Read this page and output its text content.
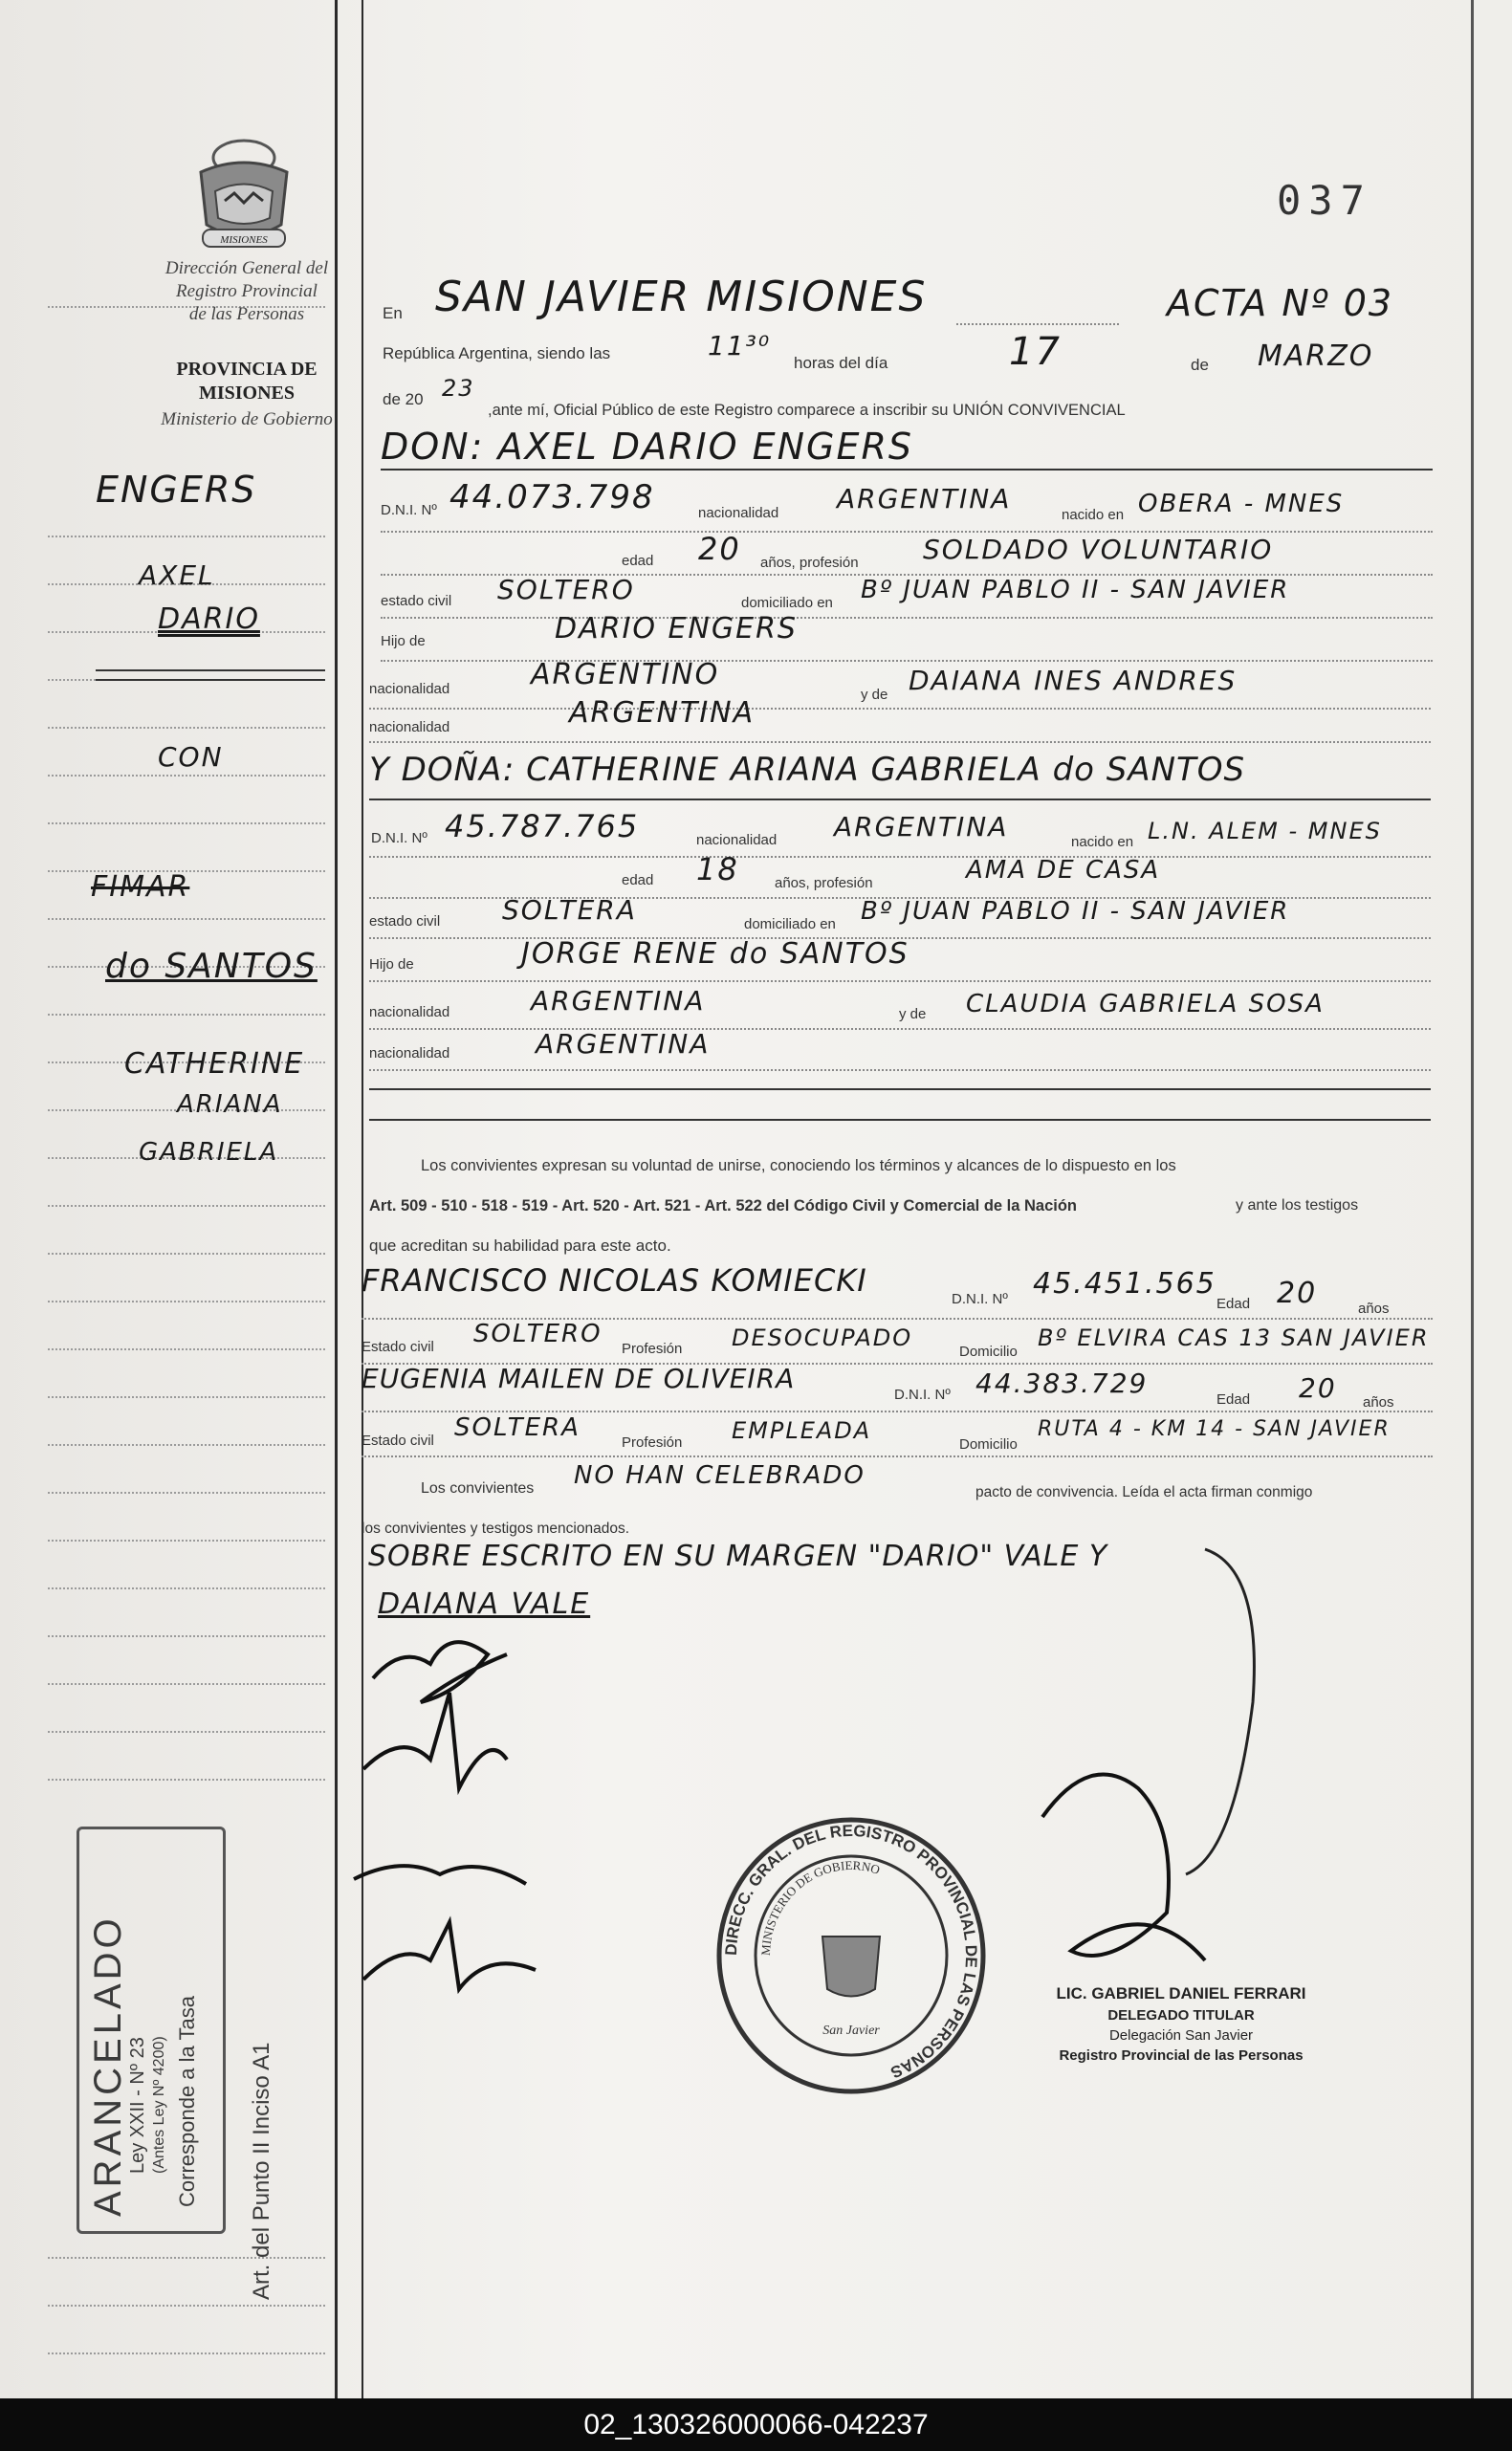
037
MISIONES
Dirección General del
Registro Provincial
de las Personas
PROVINCIA DE
MISIONES
Ministerio de Gobierno
ENGERS
AXEL
DARIO
CON
FIMAR
do SANTOS
CATHERINE
ARIANA
GABRIELA
En SAN JAVIER MISIONES	ACTA Nº 03
República Argentina, siendo las	11³⁰
horas del día	17	de MARZO
de 20 23
,ante mí, Oficial Público de este Registro comparece a inscribir su UNIÓN CONVIVENCIAL
DON: AXEL DARIO ENGERS
D.N.I. Nº 44.073.798	nacionalidad ARGENTINA
nacido en OBERA - MNES
edad 20 años, profesión SOLDADO VOLUNTARIO
estado civil SOLTERO	domiciliado en Bº JUAN PABLO II - SAN JAVIER
Hijo de	DARIO ENGERS
nacionalidad	ARGENTINO
y de DAIANA INES ANDRES
nacionalidad	ARGENTINA
Y DOÑA: CATHERINE ARIANA GABRIELA do SANTOS
D.N.I. Nº 45.787.765	nacionalidad ARGENTINA	nacido en L.N. ALEM - MNES
edad 18 años, profesión	AMA DE CASA
estado civil SOLTERA	domiciliado en Bº JUAN PABLO II - SAN JAVIER
Hijo de	JORGE RENE do SANTOS
nacionalidad	ARGENTINA	y de CLAUDIA GABRIELA SOSA
nacionalidad	ARGENTINA
Los convivientes expresan su voluntad de unirse, conociendo los términos y alcances de lo dispuesto en los
Art. 509 - 510 - 518 - 519 - Art. 520 - Art. 521 - Art. 522 del Código Civil y Comercial de la Nación	y ante los testigos
que acreditan su habilidad para este acto.
FRANCISCO NICOLAS KOMIECKI
D.N.I. Nº 45.451.565
Edad 20	años
Estado civil SOLTERO
Profesión DESOCUPADO
Domicilio
Bº ELVIRA CAS 13 SAN JAVIER
EUGENIA MAILEN DE OLIVEIRA
D.N.I. Nº 44.383.729
Edad 20 años
Estado civil SOLTERA
Profesión EMPLEADA
Domicilio
RUTA 4 - KM 14 - SAN JAVIER
Los convivientes NO HAN CELEBRADO
pacto de convivencia. Leída el acta firman conmigo
los convivientes y testigos mencionados.
SOBRE ESCRITO EN SU MARGEN "DARIO" VALE Y
DAIANA VALE
DIRECC. GRAL. DEL REGISTRO PROVINCIAL DE LAS PERSONAS
MINISTERIO DE GOBIERNO
San Javier
LIC. GABRIEL DANIEL FERRARI
DELEGADO TITULAR
Delegación San Javier
Registro Provincial de las Personas
ARANCELADO
Ley XXII - Nº 23 (Antes Ley Nº 4200) Corresponde a la Tasa Art. del Punto II Inciso A1
02_130326000066-042237
